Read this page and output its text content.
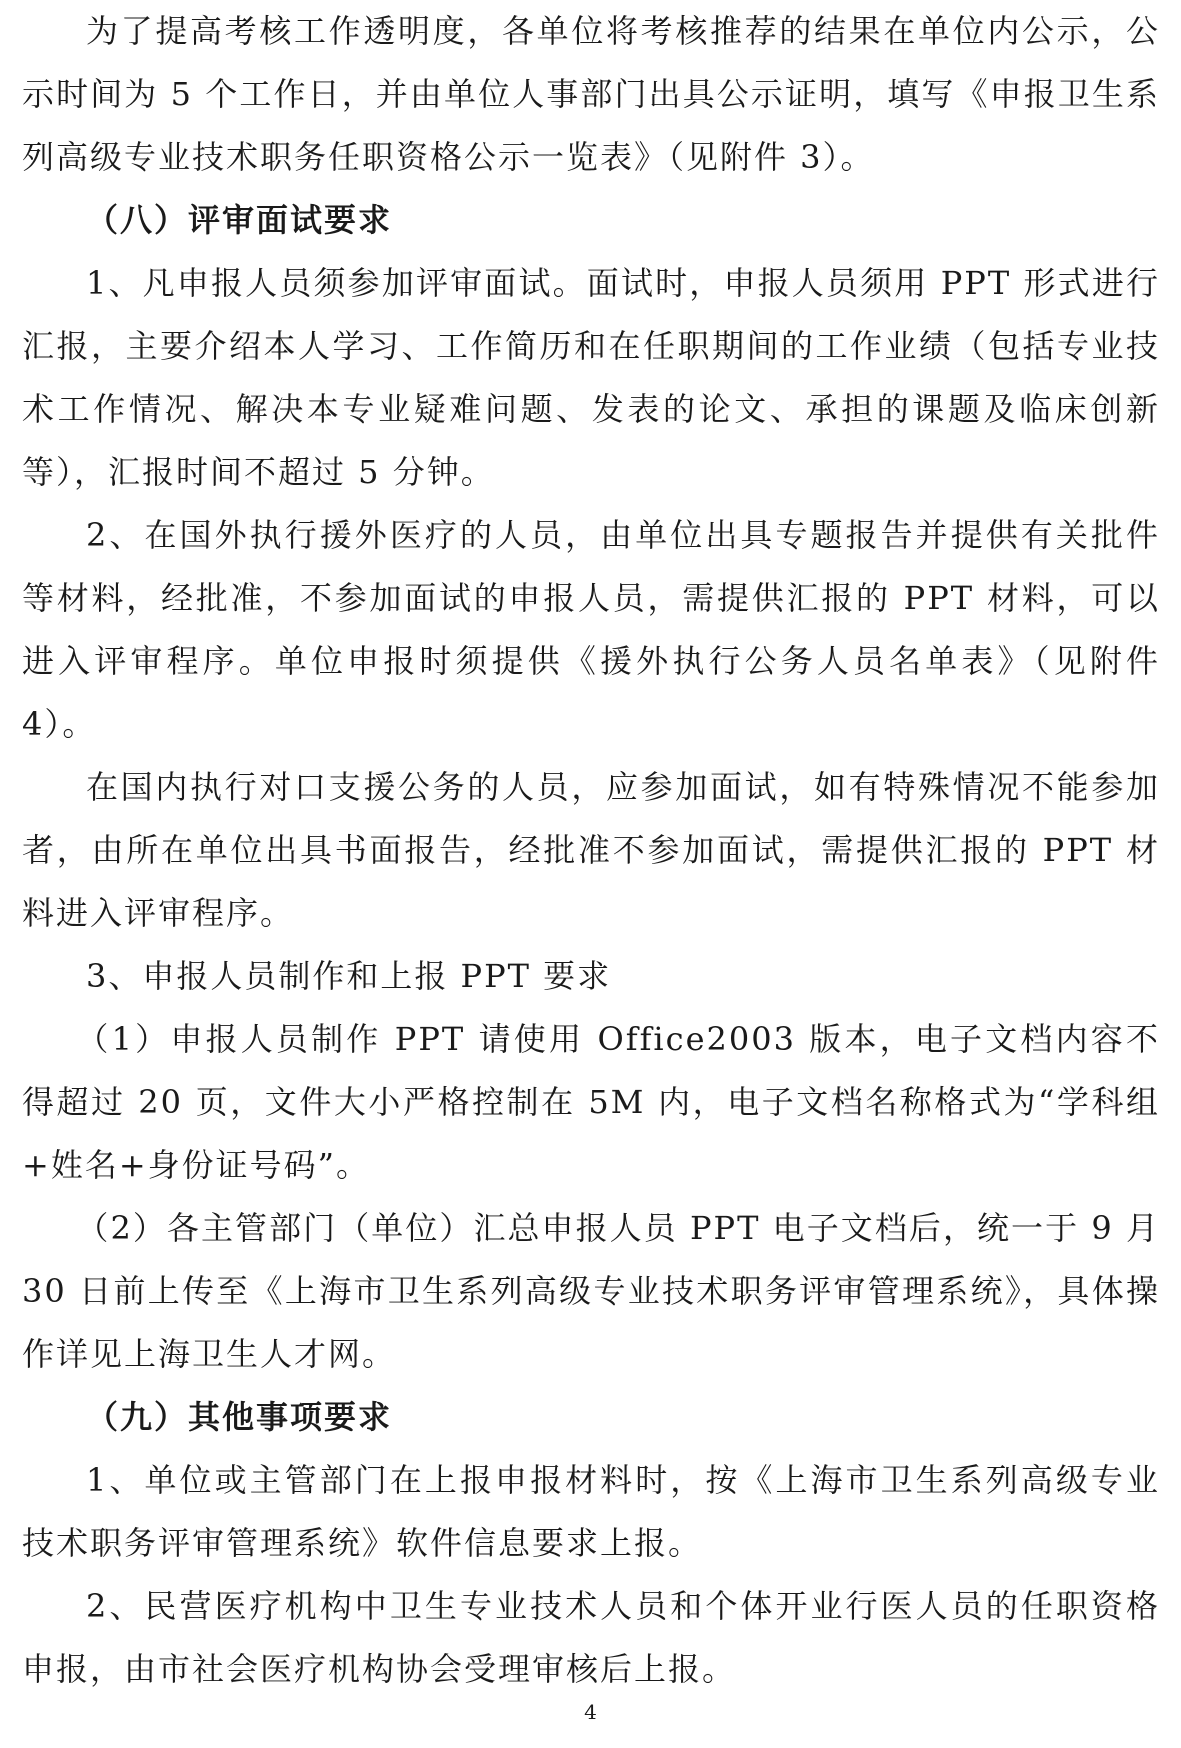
为了提高考核工作透明度，各单位将考核推荐的结果在单位内公示，公示时间为 5 个工作日，并由单位人事部门出具公示证明，填写《申报卫生系列高级专业技术职务任职资格公示一览表》（见附件 3）。

（八）评审面试要求

1、凡申报人员须参加评审面试。面试时，申报人员须用 PPT 形式进行汇报，主要介绍本人学习、工作简历和在任职期间的工作业绩（包括专业技术工作情况、解决本专业疑难问题、发表的论文、承担的课题及临床创新等），汇报时间不超过 5 分钟。

2、在国外执行援外医疗的人员，由单位出具专题报告并提供有关批件等材料，经批准，不参加面试的申报人员，需提供汇报的 PPT 材料，可以进入评审程序。单位申报时须提供《援外执行公务人员名单表》（见附件 4）。

在国内执行对口支援公务的人员，应参加面试，如有特殊情况不能参加者，由所在单位出具书面报告，经批准不参加面试，需提供汇报的 PPT 材料进入评审程序。

3、申报人员制作和上报 PPT 要求

（1）申报人员制作 PPT 请使用 Office2003 版本，电子文档内容不得超过 20 页，文件大小严格控制在 5M 内，电子文档名称格式为“学科组+姓名+身份证号码”。

（2）各主管部门（单位）汇总申报人员 PPT 电子文档后，统一于 9 月 30 日前上传至《上海市卫生系列高级专业技术职务评审管理系统》，具体操作详见上海卫生人才网。

（九）其他事项要求

1、单位或主管部门在上报申报材料时，按《上海市卫生系列高级专业技术职务评审管理系统》软件信息要求上报。

2、民营医疗机构中卫生专业技术人员和个体开业行医人员的任职资格申报，由市社会医疗机构协会受理审核后上报。

4
